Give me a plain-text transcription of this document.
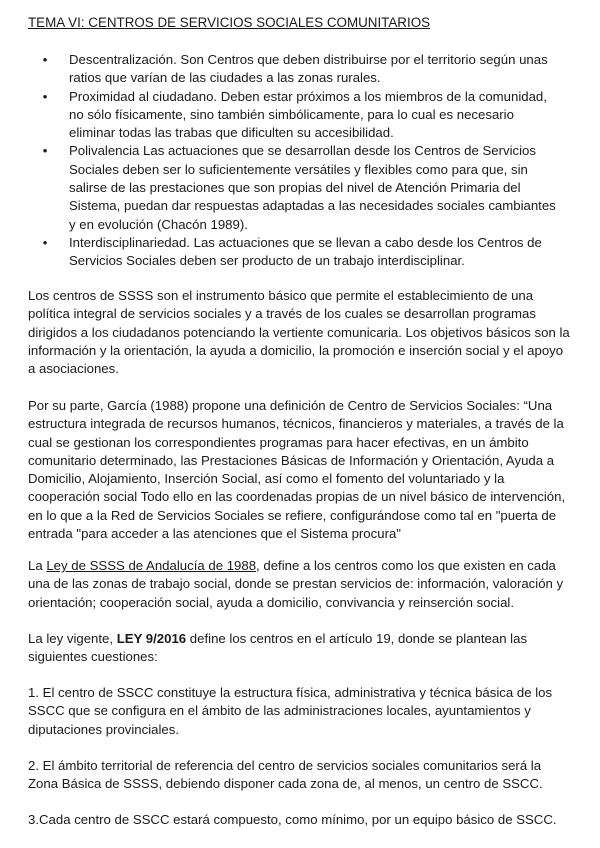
TEMA VI: CENTROS DE SERVICIOS SOCIALES COMUNITARIOS
• Descentralización. Son Centros que deben distribuirse por el territorio según unas ratios que varían de las ciudades a las zonas rurales.
• Proximidad al ciudadano. Deben estar próximos a los miembros de la comunidad, no sólo físicamente, sino también simbólicamente, para lo cual es necesario eliminar todas las trabas que dificulten su accesibilidad.
• Polivalencia Las actuaciones que se desarrollan desde los Centros de Servicios Sociales deben ser lo suficientemente versátiles y flexibles como para que, sin salirse de las prestaciones que son propias del nivel de Atención Primaria del Sistema, puedan dar respuestas adaptadas a las necesidades sociales cambiantes y en evolución (Chacón 1989).
• Interdisciplinariedad. Las actuaciones que se llevan a cabo desde los Centros de Servicios Sociales deben ser producto de un trabajo interdisciplinar.

Los centros de SSSS son el instrumento básico que permite el establecimiento de una política integral de servicios sociales y a través de los cuales se desarrollan programas dirigidos a los ciudadanos potenciando la vertiente comunicaria. Los objetivos básicos son la información y la orientación, la ayuda a domicilio, la promoción e inserción social y el apoyo a asociaciones.

Por su parte, García (1988) propone una definición de Centro de Servicios Sociales: “Una estructura integrada de recursos humanos, técnicos, financieros y materiales, a través de la cual se gestionan los correspondientes programas para hacer efectivas, en un ámbito comunitario determinado, las Prestaciones Básicas de Información y Orientación, Ayuda a Domicilio, Alojamiento, Inserción Social, así como el fomento del voluntariado y la cooperación social Todo ello en las coordenadas propias de un nivel básico de intervención, en lo que a la Red de Servicios Sociales se refiere, configurándose como tal en "puerta de entrada "para acceder a las atenciones que el Sistema procura"

La Ley de SSSS de Andalucía de 1988, define a los centros como los que existen en cada una de las zonas de trabajo social, donde se prestan servicios de: información, valoración y orientación; cooperación social, ayuda a domicilio, convivancia y reinserción social.

La ley vigente, LEY 9/2016 define los centros en el artículo 19, donde se plantean las siguientes cuestiones:

1. El centro de SSCC constituye la estructura física, administrativa y técnica básica de los SSCC que se configura en el ámbito de las administraciones locales, ayuntamientos y diputaciones provinciales.

2. El ámbito territorial de referencia del centro de servicios sociales comunitarios será la Zona Básica de SSSS, debiendo disponer cada zona de, al menos, un centro de SSCC.

3.Cada centro de SSCC estará compuesto, como mínimo, por un equipo básico de SSCC.
